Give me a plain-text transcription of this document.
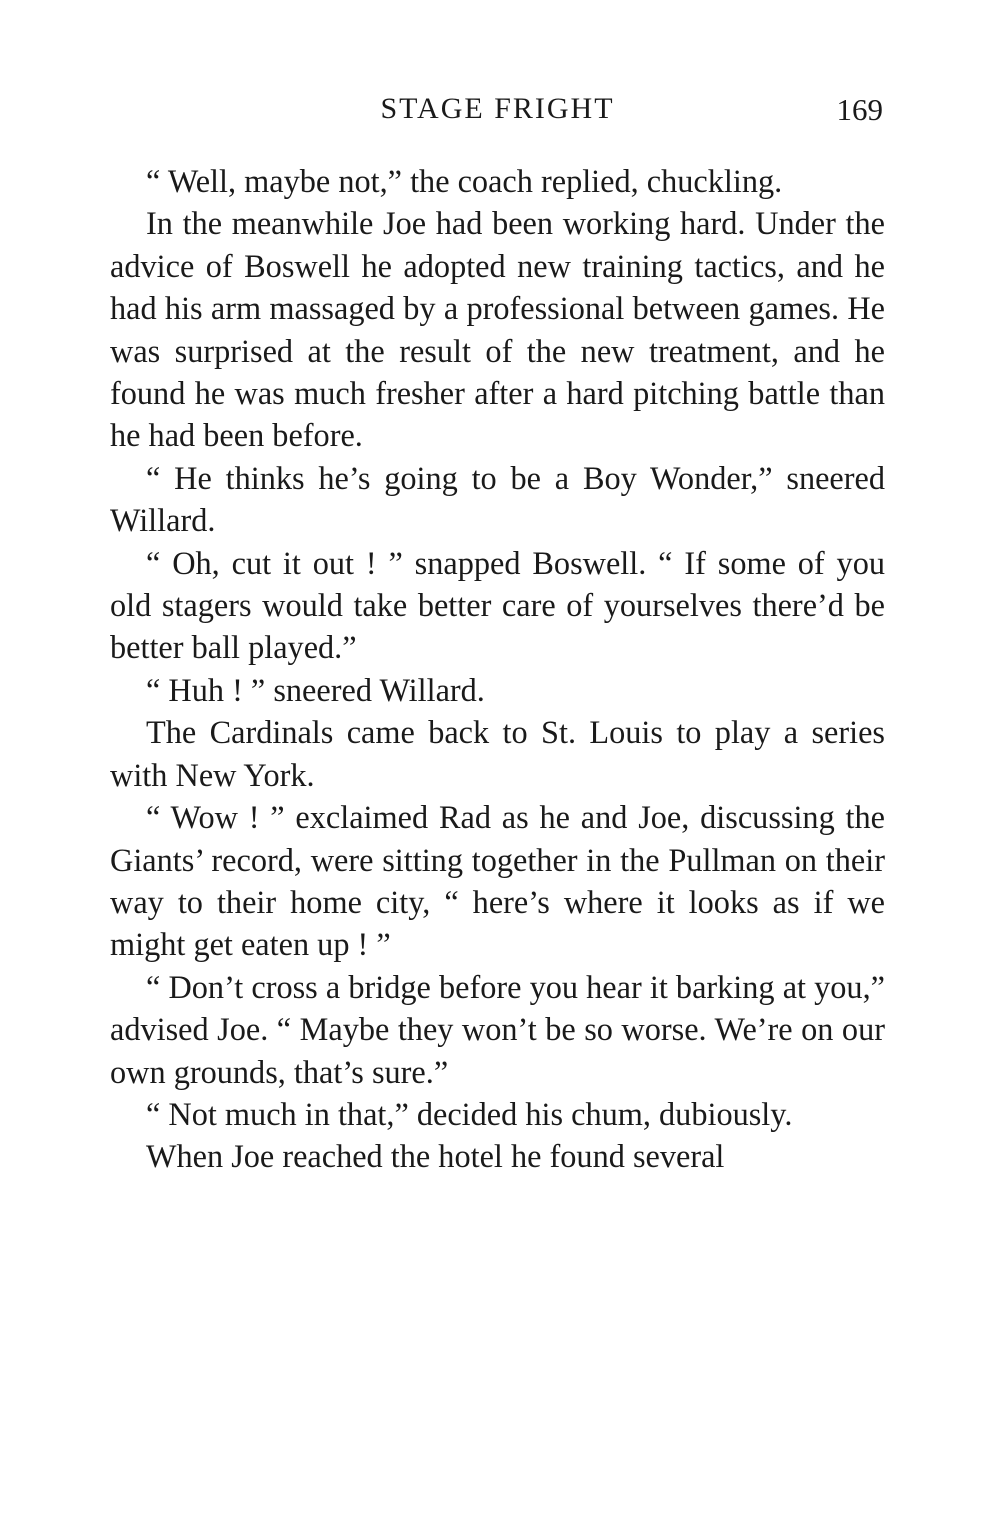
STAGE FRIGHT	169

“ Well, maybe not,” the coach replied, chuckling.

In the meanwhile Joe had been working hard. Under the advice of Boswell he adopted new training tactics, and he had his arm massaged by a professional between games. He was surprised at the result of the new treatment, and he found he was much fresher after a hard pitching battle than he had been before.

“ He thinks he’s going to be a Boy Wonder,” sneered Willard.

“ Oh, cut it out ! ” snapped Boswell. “ If some of you old stagers would take better care of yourselves there’d be better ball played.”

“ Huh ! ” sneered Willard.

The Cardinals came back to St. Louis to play a series with New York.

“ Wow ! ” exclaimed Rad as he and Joe, discussing the Giants’ record, were sitting together in the Pullman on their way to their home city, “ here’s where it looks as if we might get eaten up ! ”

“ Don’t cross a bridge before you hear it barking at you,” advised Joe. “ Maybe they won’t be so worse. We’re on our own grounds, that’s sure.”

“ Not much in that,” decided his chum, dubiously.

When Joe reached the hotel he found several
